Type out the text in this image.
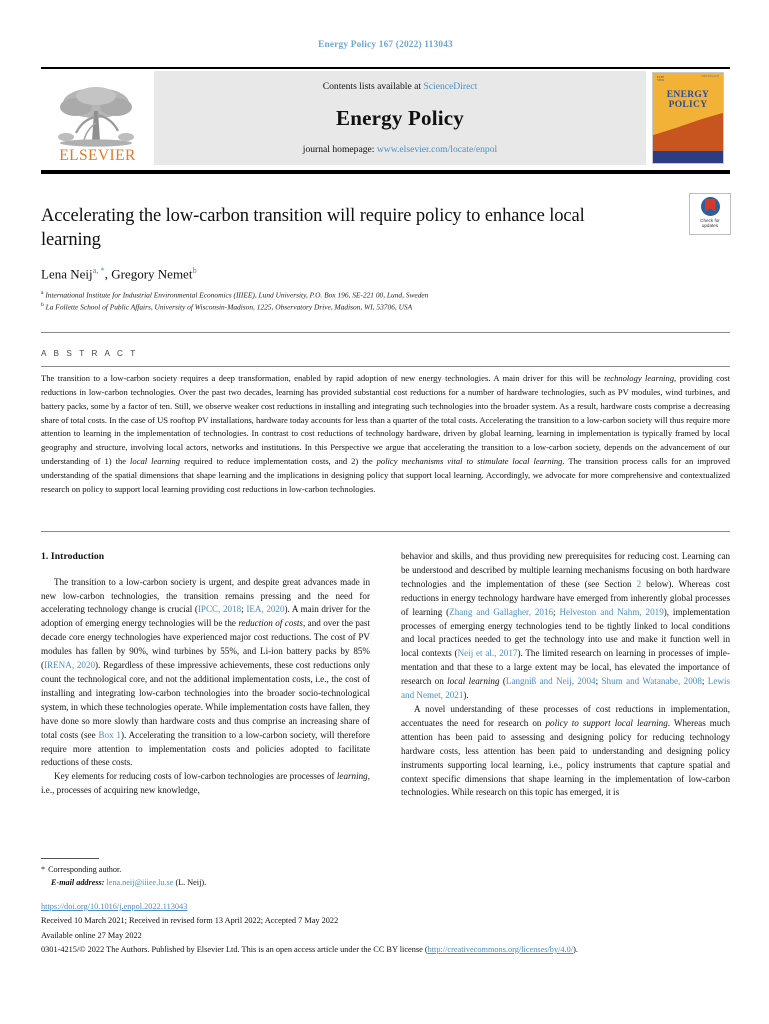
Energy Policy 167 (2022) 113043
ELSEVIER
Contents lists available at ScienceDirect
Energy Policy
journal homepage: www.elsevier.com/locate/enpol
ELSE
VIER
ISSN 0301-4215
ENERGY
POLICY
Check for
updates
Accelerating the low-carbon transition will require policy to enhance local learning
Lena Neij$^{a, *}$, Gregory Nemet$^b$
$^a$ International Institute for Industrial Environmental Economics (IIIEE), Lund University, P.O. Box 196, SE-221 00, Lund, Sweden
$^b$ La Follette School of Public Affairs, University of Wisconsin-Madison, 1225, Observatory Drive, Madison, WI, 53706, USA
A B S T R A C T
The transition to a low-carbon society requires a deep transformation, enabled by rapid adoption of new energy technologies. A main driver for this will be technology learning, providing cost reductions in low-carbon technologies. Over the past two decades, learning has provided substantial cost reductions for a number of hardware technologies, such as PV modules, wind turbines, and battery packs, some by a factor of ten. Still, we observe weaker cost reductions in installing and integrating such technologies into the broader system. As a result, hardware costs comprise a decreasing share of total costs. In the case of US rooftop PV installations, hardware today accounts for less than a quarter of the total costs. Accelerating the transition to a low-carbon society will thus require more attention to learning in the implementation of technologies. In contrast to cost reductions of technology hardware, driven by global learning, learning in implementation is typically framed by local geography and structure, involving local actors, networks and institutions. In this Perspective we argue that accelerating the transition to a low-carbon society, depends on the advancement of our understanding of 1) the local learning required to reduce implementation costs, and 2) the policy mechanisms vital to stimulate local learning. The transition process calls for an improved understanding of the spatial dimensions that shape learning and the implications in designing policy that support local learning. Accordingly, we advocate for more comprehensive and contextualized research on policy to support local learning providing cost reductions in low-carbon technologies.
1. Introduction

The transition to a low-carbon society is urgent, and despite great advances made in new low-carbon technologies, the transition remains pressing and the need for accelerating technology change is crucial (IPCC, 2018; IEA, 2020). A main driver for the adoption of emerging energy technologies will be the reduction of costs, and over the past decade core energy technologies have experienced major cost reductions. The cost of PV modules has fallen by 90%, wind turbines by 55%, and Li-ion battery packs by 85% (IRENA, 2020). Regardless of these impressive achievements, these cost reductions only count the technological core, and not the additional implementation costs, i.e., the cost of installing and integrating low-carbon technologies into the broader socio-technological system, in which these technologies operate. While implementation costs have fallen, they have done so more slowly than hardware costs and thus comprise an increasing share of total costs (see Box 1). Accelerating the transition to a low-carbon society, will therefore require more attention to implementation costs and policies adopted to facilitate reductions of these costs.

Key elements for reducing costs of low-carbon technologies are processes of learning, i.e., processes of acquiring new knowledge,

behavior and skills, and thus providing new prerequisites for reducing cost. Learning can be understood and described by multiple learning mechanisms focusing on both hardware technologies and the implementation of these (see Section 2 below). Whereas cost reductions in energy technology hardware have emerged from inherently global processes of learning (Zhang and Gallagher, 2016; Helveston and Nahm, 2019), implementation processes of emerging energy technologies tend to be tightly linked to local conditions and local practices needed to get the technology into use and make it function well in local contexts (Neij et al., 2017). The limited research on learning in processes of implementation and that these to a large extent may be local, has elevated the importance of research on local learning (Langniß and Neij, 2004; Shum and Watanabe, 2008; Lewis and Nemet, 2021).

A novel understanding of these processes of cost reductions in implementation, accentuates the need for research on policy to support local learning. Whereas much attention has been paid to assessing and designing policy for reducing technology hardware costs, less attention has been paid to understanding and designing policy instruments supporting local learning, i.e., policy instruments that capture spatial and context specific dimensions that shape learning in the implementation of low-carbon technologies. While research on this topic has emerged, it is

* Corresponding author.
E-mail address: lena.neij@iiiee.lu.se (L. Neij).
https://doi.org/10.1016/j.enpol.2022.113043
Received 10 March 2021; Received in revised form 13 April 2022; Accepted 7 May 2022
Available online 27 May 2022
0301-4215/© 2022 The Authors. Published by Elsevier Ltd. This is an open access article under the CC BY license (http://creativecommons.org/licenses/by/4.0/).
